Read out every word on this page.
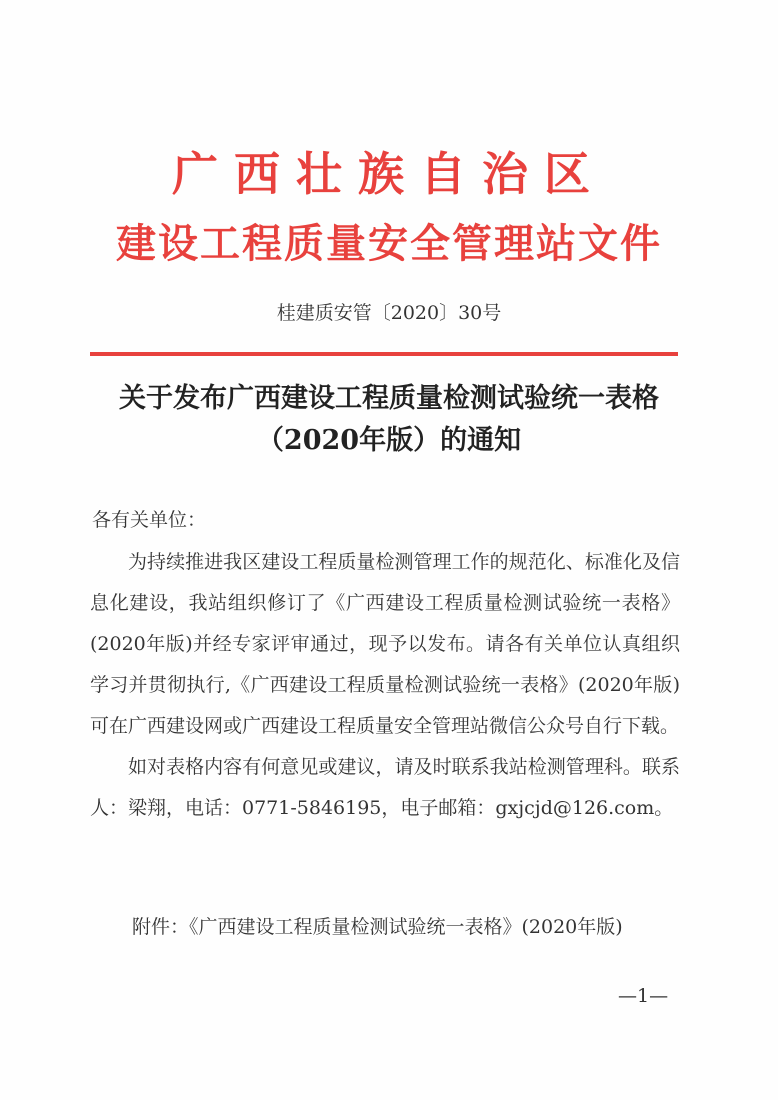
广西壮族自治区
建设工程质量安全管理站文件
桂建质安管〔2020〕30号
关于发布广西建设工程质量检测试验统一表格
（2020年版）的通知
各有关单位：

为持续推进我区建设工程质量检测管理工作的规范化、标准化及信息化建设，我站组织修订了《广西建设工程质量检测试验统一表格》(2020年版)并经专家评审通过，现予以发布。请各有关单位认真组织学习并贯彻执行,《广西建设工程质量检测试验统一表格》(2020年版)可在广西建设网或广西建设工程质量安全管理站微信公众号自行下载。

如对表格内容有何意见或建议，请及时联系我站检测管理科。联系人：梁翔，电话：0771-5846195，电子邮箱：gxjcjd@126.com。

附件：《广西建设工程质量检测试验统一表格》(2020年版)
—1—
